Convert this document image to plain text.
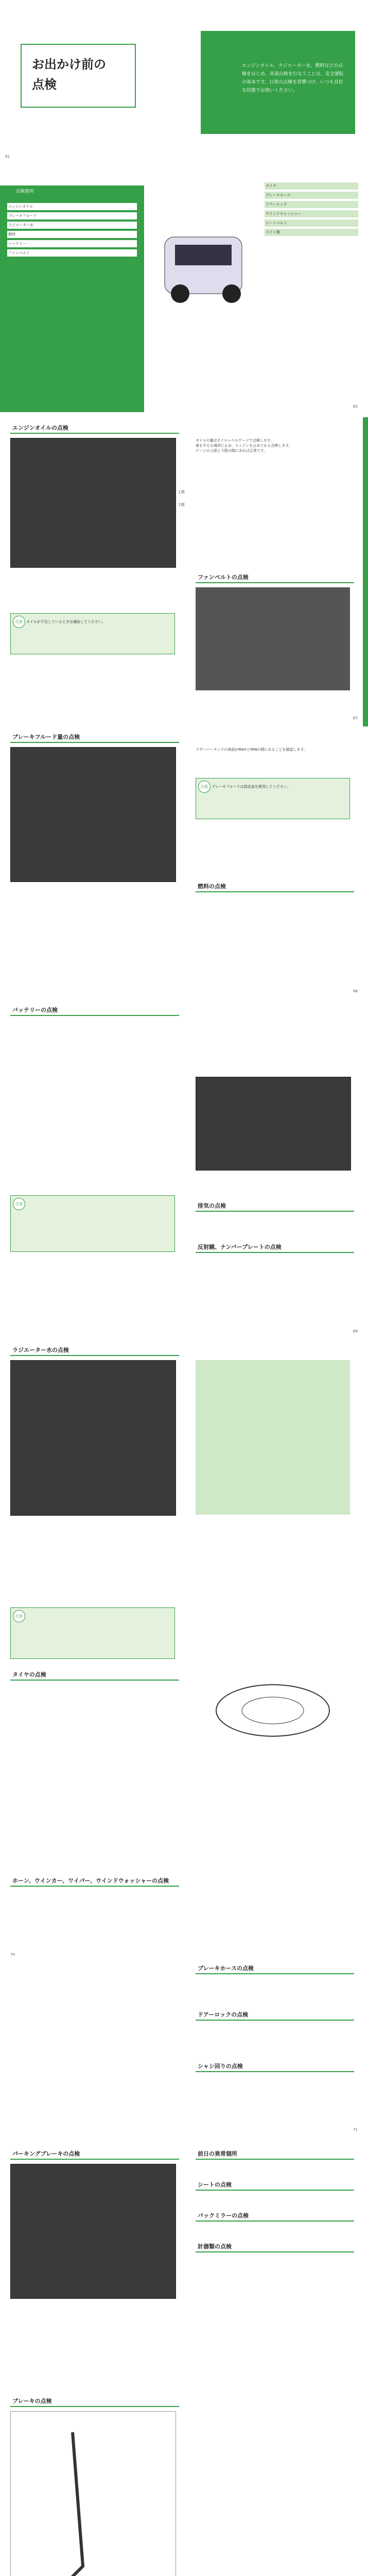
お出かけ前の
点検
エンジンオイル、ラジエーター水、燃料などの点検をはじめ、各部点検を行なうことは、安全運転の基本です。日常の点検を習慣づけ、いつも良好な状態でお使いください。
61
点検箇所
エンジンオイル
ブレーキフルード
ラジエーター水
燃料
バッテリー
ファンベルト
タイヤ
ブレーキホース
ドアーロック
ウインドウォッシャー
シートベルト
ライト類
62
エンジンオイルの点検
上限
下限
オイルの量はオイルレベルゲージで点検します。
車を平らな場所に止め、エンジンを止めてから点検します。
ゲージの上限と下限の間にあれば正常です。
注意 オイルが不足しているときは補給してください。
ファンベルトの点検
67
ブレーキフルード量の点検
リザーバータンクの液面がMAXとMINの間にあることを確認します。
注意 ブレーキフルードは指定品を使用してください。
燃料の点検
68
バッテリーの点検
注意	排気の点検
反射鏡、ナンバープレートの点検
69
ラジエーター水の点検
注意
タイヤの点検
ホーン、ウインカー、ワイパー、ウインドウォッシャーの点検
70
ブレーキホースの点検
ドアーロックの点検
シャシ回りの点検
71
パーキングブレーキの点検
ブレーキの点検
前日の異常個所
シートの点検
バックミラーの点検
計器類の点検
